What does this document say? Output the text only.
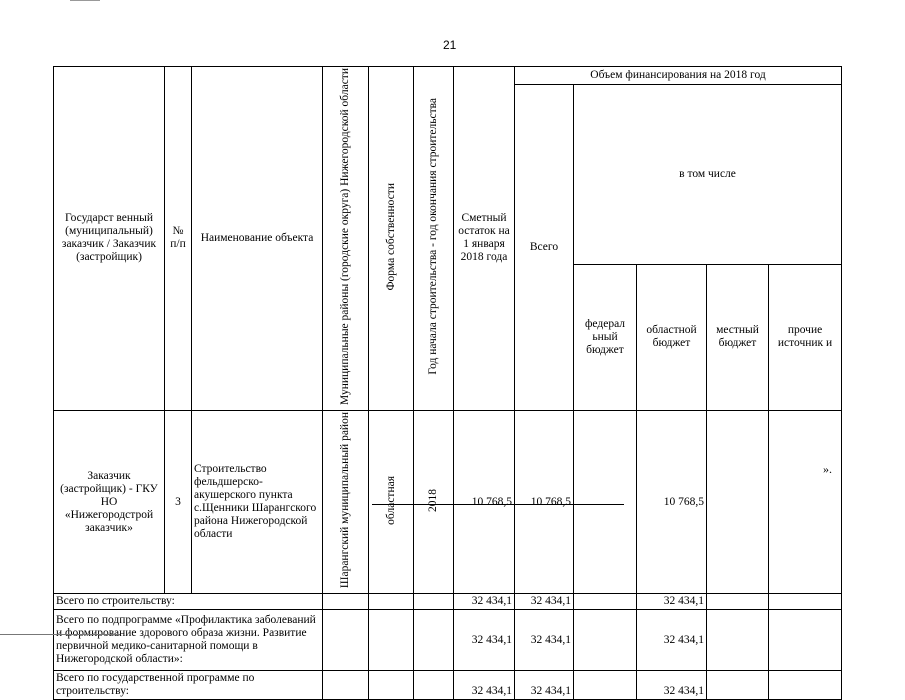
21
Государст венный (муниципальный) заказчик / Заказчик (застройщик)	№ п/п	Наименование объекта	Муниципальные районы (городские округа) Нижегородской области	Форма собственности	Год начала строительства - год окончания строительства	Сметный остаток на 1 января 2018 года	Объем финансирования на 2018 год				
							Всего	в том числе			
								федерал ьный бюджет	областной бюджет	местный бюджет	прочие источник и
Заказчик (застройщик) - ГКУ НО «Нижегородстрой заказчик»	3	Строительство фельдшерско-акушерского пункта с.Щенники Шарангского района Нижегородской области	Шарангский муниципальный район	областная	2018	10 768,5	10 768,5		10 768,5		
Всего по строительству:						32 434,1	32 434,1		32 434,1		
Всего по подпрограмме «Профилактика заболеваний и формирование здорового образа жизни. Развитие первичной медико-санитарной помощи в Нижегородской области»:						32 434,1	32 434,1		32 434,1		
Всего по государственной программе по строительству:						32 434,1	32 434,1		32 434,1		
».
